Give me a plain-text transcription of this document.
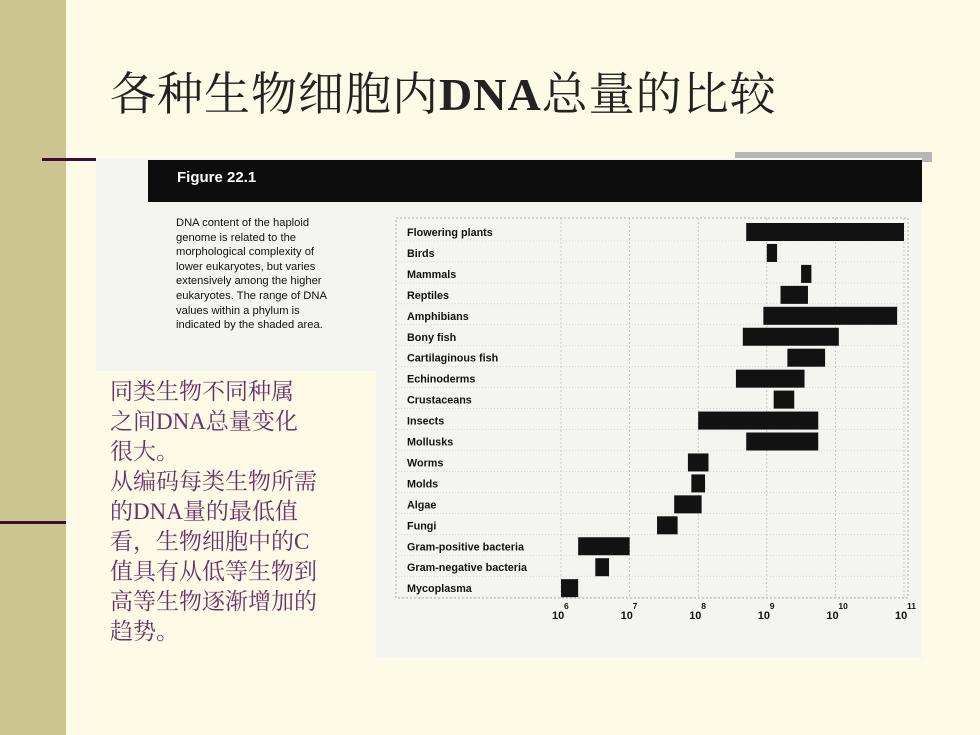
各种生物细胞内DNA总量的比较
Figure 22.1
DNA content of the haploid
genome is related to the
morphological complexity of
lower eukaryotes, but varies
extensively among the higher
eukaryotes. The range of DNA
values within a phylum is
indicated by the shaded area.
Flowering plants
Birds
Mammals
Reptiles
Amphibians
Bony fish
Cartilaginous fish
Echinoderms
Crustaceans
Insects
Mollusks
Worms
Molds
Algae
Fungi
Gram-positive bacteria
Gram-negative bacteria
Mycoplasma
10
6
10
7
10
8
10
9
10
10
10
11
同类生物不同种属
之间DNA总量变化
很大。
从编码每类生物所需
的DNA量的最低值
看，生物细胞中的C
值具有从低等生物到
高等生物逐渐增加的
趋势。
